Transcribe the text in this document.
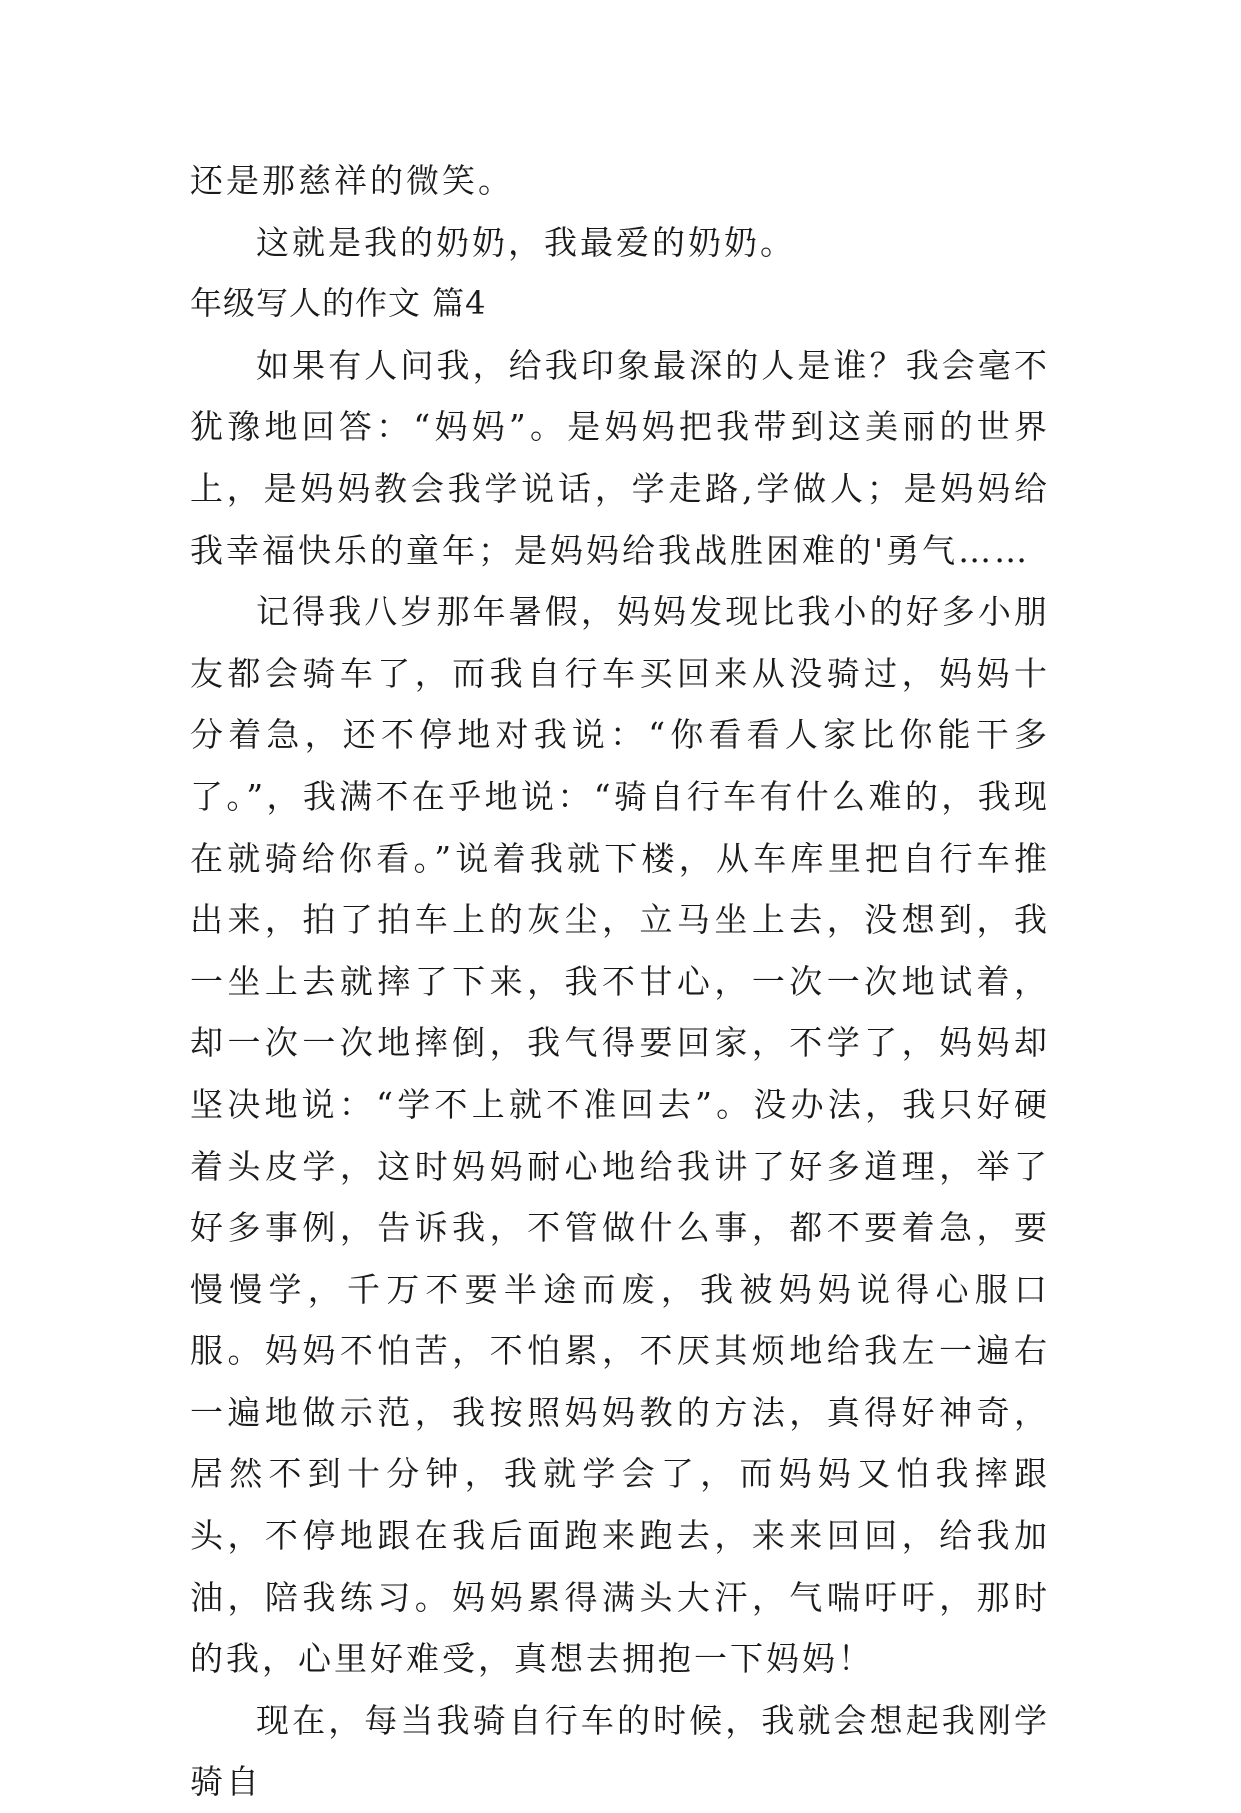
还是那慈祥的微笑。

这就是我的奶奶，我最爱的奶奶。

年级写人的作文 篇4

如果有人问我，给我印象最深的人是谁？我会毫不犹豫地回答：“妈妈”。是妈妈把我带到这美丽的世界上，是妈妈教会我学说话，学走路,学做人；是妈妈给我幸福快乐的童年；是妈妈给我战胜困难的'勇气……

记得我八岁那年暑假，妈妈发现比我小的好多小朋友都会骑车了，而我自行车买回来从没骑过，妈妈十分着急，还不停地对我说：“你看看人家比你能干多了。”，我满不在乎地说：“骑自行车有什么难的，我现在就骑给你看。”说着我就下楼，从车库里把自行车推出来，拍了拍车上的灰尘，立马坐上去，没想到，我一坐上去就摔了下来，我不甘心，一次一次地试着，却一次一次地摔倒，我气得要回家，不学了，妈妈却坚决地说：“学不上就不准回去”。没办法，我只好硬着头皮学，这时妈妈耐心地给我讲了好多道理，举了好多事例，告诉我，不管做什么事，都不要着急，要慢慢学，千万不要半途而废，我被妈妈说得心服口服。妈妈不怕苦，不怕累，不厌其烦地给我左一遍右一遍地做示范，我按照妈妈教的方法，真得好神奇，居然不到十分钟，我就学会了，而妈妈又怕我摔跟头，不停地跟在我后面跑来跑去，来来回回，给我加油，陪我练习。妈妈累得满头大汗，气喘吁吁，那时的我，心里好难受，真想去拥抱一下妈妈！

现在，每当我骑自行车的时候，我就会想起我刚学骑自
